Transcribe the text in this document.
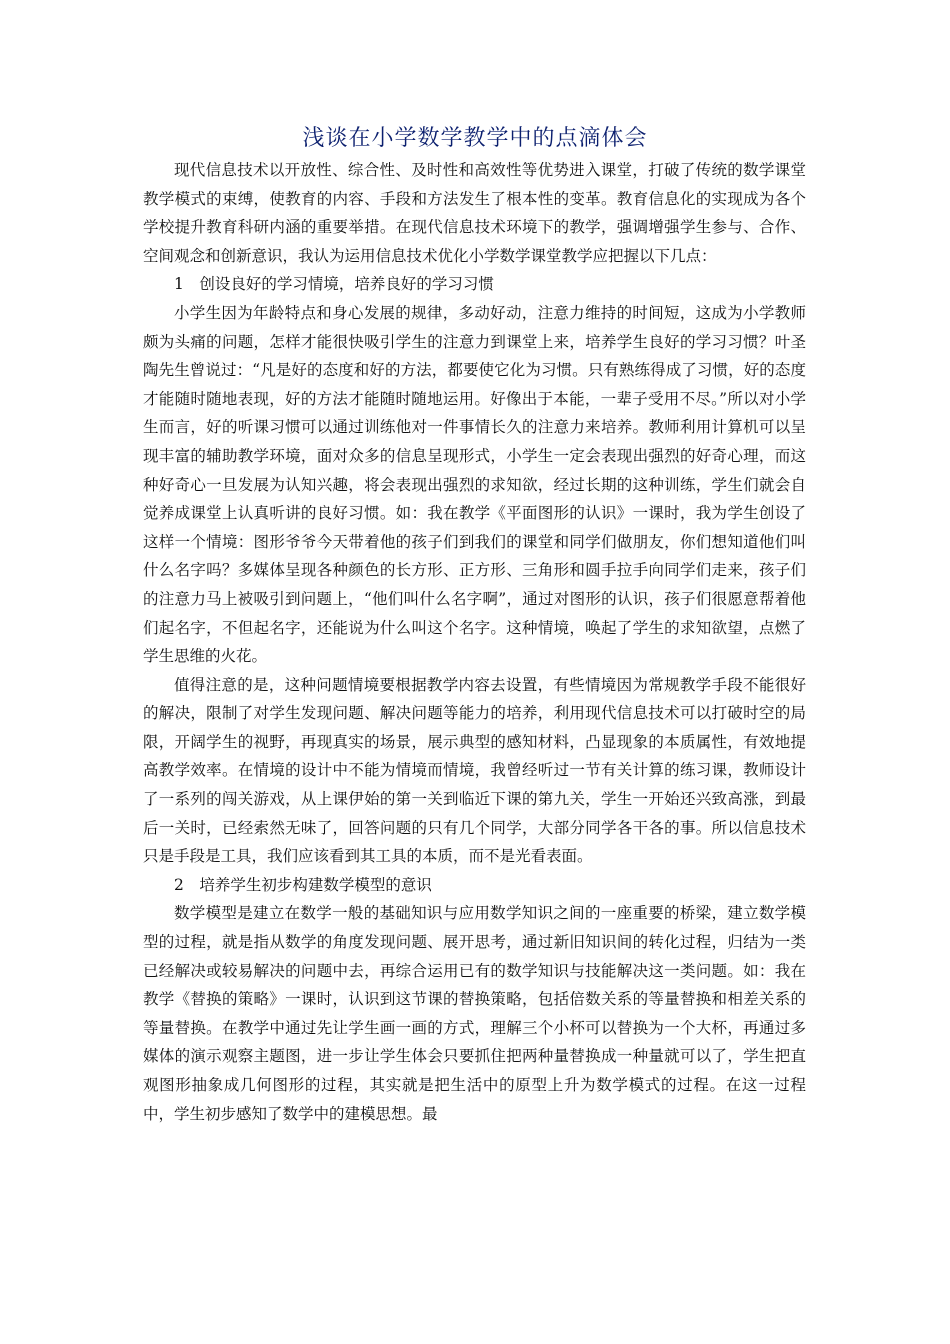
浅谈在小学数学教学中的点滴体会

现代信息技术以开放性、综合性、及时性和高效性等优势进入课堂，打破了传统的数学课堂教学模式的束缚，使教育的内容、手段和方法发生了根本性的变革。教育信息化的实现成为各个学校提升教育科研内涵的重要举措。在现代信息技术环境下的教学，强调增强学生参与、合作、空间观念和创新意识，我认为运用信息技术优化小学数学课堂教学应把握以下几点：

1　创设良好的学习情境，培养良好的学习习惯

小学生因为年龄特点和身心发展的规律，多动好动，注意力维持的时间短，这成为小学教师颇为头痛的问题，怎样才能很快吸引学生的注意力到课堂上来，培养学生良好的学习习惯？叶圣陶先生曾说过：“凡是好的态度和好的方法，都要使它化为习惯。只有熟练得成了习惯，好的态度才能随时随地表现，好的方法才能随时随地运用。好像出于本能，一辈子受用不尽。”所以对小学生而言，好的听课习惯可以通过训练他对一件事情长久的注意力来培养。教师利用计算机可以呈现丰富的辅助教学环境，面对众多的信息呈现形式，小学生一定会表现出强烈的好奇心理，而这种好奇心一旦发展为认知兴趣，将会表现出强烈的求知欲，经过长期的这种训练，学生们就会自觉养成课堂上认真听讲的良好习惯。如：我在教学《平面图形的认识》一课时，我为学生创设了这样一个情境：图形爷爷今天带着他的孩子们到我们的课堂和同学们做朋友，你们想知道他们叫什么名字吗？多媒体呈现各种颜色的长方形、正方形、三角形和圆手拉手向同学们走来，孩子们的注意力马上被吸引到问题上，“他们叫什么名字啊”，通过对图形的认识，孩子们很愿意帮着他们起名字，不但起名字，还能说为什么叫这个名字。这种情境，唤起了学生的求知欲望，点燃了学生思维的火花。

值得注意的是，这种问题情境要根据教学内容去设置，有些情境因为常规教学手段不能很好的解决，限制了对学生发现问题、解决问题等能力的培养，利用现代信息技术可以打破时空的局限，开阔学生的视野，再现真实的场景，展示典型的感知材料，凸显现象的本质属性，有效地提高教学效率。在情境的设计中不能为情境而情境，我曾经听过一节有关计算的练习课，教师设计了一系列的闯关游戏，从上课伊始的第一关到临近下课的第九关，学生一开始还兴致高涨，到最后一关时，已经索然无味了，回答问题的只有几个同学，大部分同学各干各的事。所以信息技术只是手段是工具，我们应该看到其工具的本质，而不是光看表面。

2　培养学生初步构建数学模型的意识

数学模型是建立在数学一般的基础知识与应用数学知识之间的一座重要的桥梁，建立数学模型的过程，就是指从数学的角度发现问题、展开思考，通过新旧知识间的转化过程，归结为一类已经解决或较易解决的问题中去，再综合运用已有的数学知识与技能解决这一类问题。如：我在教学《替换的策略》一课时，认识到这节课的替换策略，包括倍数关系的等量替换和相差关系的等量替换。在教学中通过先让学生画一画的方式，理解三个小杯可以替换为一个大杯，再通过多媒体的演示观察主题图，进一步让学生体会只要抓住把两种量替换成一种量就可以了，学生把直观图形抽象成几何图形的过程，其实就是把生活中的原型上升为数学模式的过程。在这一过程中，学生初步感知了数学中的建模思想。最
